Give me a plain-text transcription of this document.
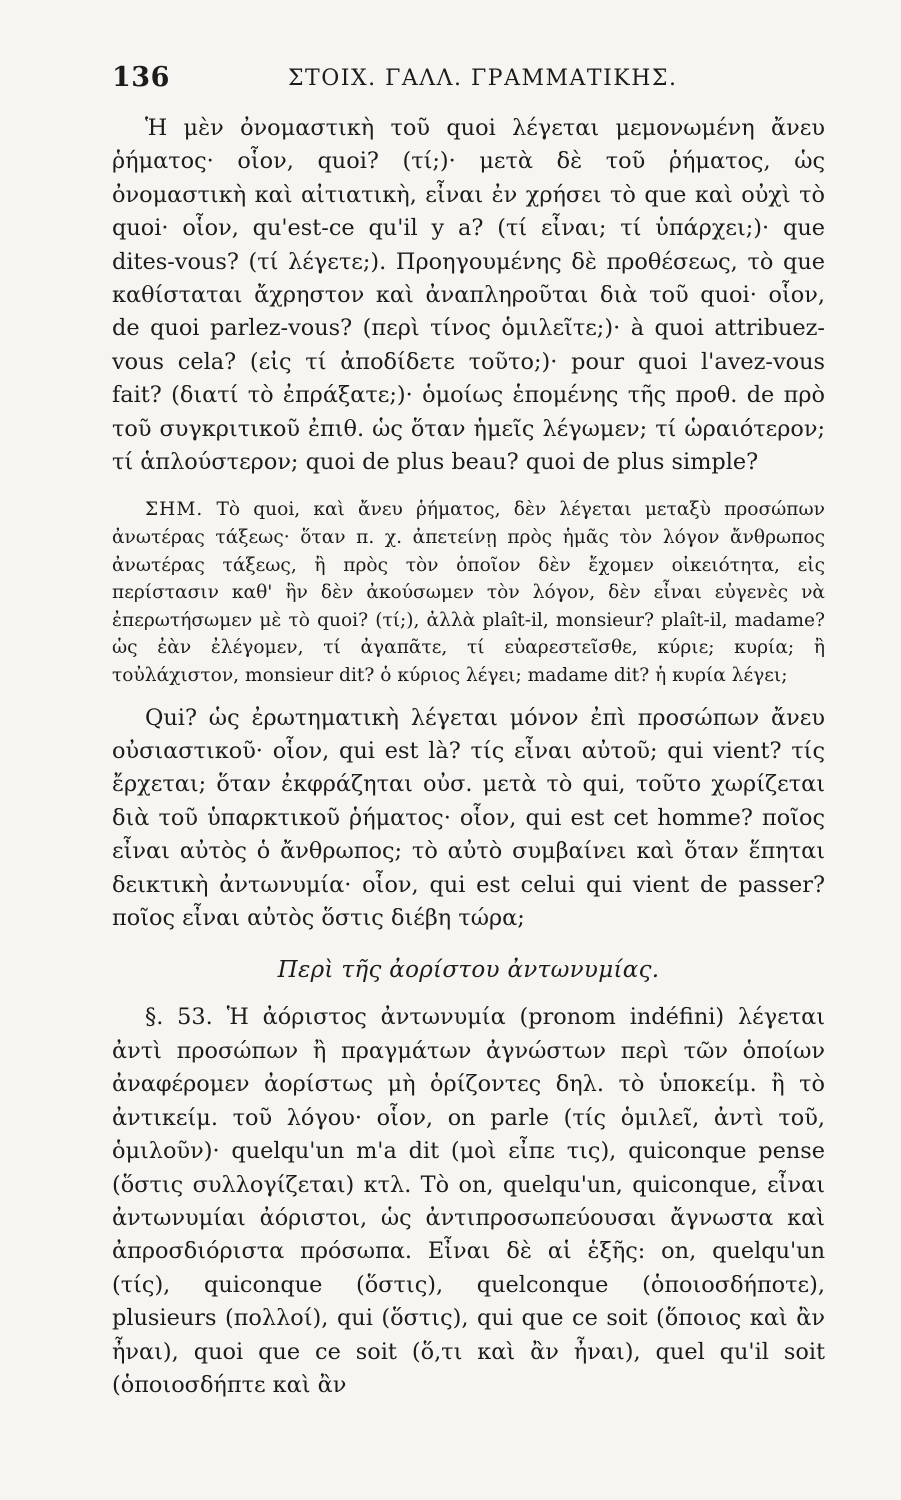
136	ΣΤΟΙΧ. ΓΑΛΛ. ΓΡΑΜΜΑΤΙΚΗΣ.

Ἡ μὲν ὀνομαστικὴ τοῦ quoi λέγεται μεμονωμένη ἄνευ ῥήματος· οἷον, quoi? (τί;)· μετὰ δὲ τοῦ ῥήματος, ὡς ὀνομαστικὴ καὶ αἰτιατικὴ, εἶναι ἐν χρήσει τὸ que καὶ οὐχὶ τὸ quoi· οἷον, qu'est-ce qu'il y a? (τί εἶναι; τί ὑπάρχει;)· que dites-vous? (τί λέγετε;). Προηγουμένης δὲ προθέσεως, τὸ que καθίσταται ἄχρηστον καὶ ἀναπληροῦται διὰ τοῦ quoi· οἷον, de quoi parlez-vous? (περὶ τίνος ὁμιλεῖτε;)· à quoi attribuez-vous cela? (εἰς τί ἀποδίδετε τοῦτο;)· pour quoi l'avez-vous fait? (διατί τὸ ἐπράξατε;)· ὁμοίως ἑπομένης τῆς προθ. de πρὸ τοῦ συγκριτικοῦ ἐπιθ. ὡς ὅταν ἡμεῖς λέγωμεν; τί ὡραιότερον; τί ἁπλούστερον; quoi de plus beau? quoi de plus simple?

ΣΗΜ. Τὸ quoi, καὶ ἄνευ ῥήματος, δὲν λέγεται μεταξὺ προσώπων ἀνωτέρας τάξεως· ὅταν π. χ. ἀπετείνῃ πρὸς ἡμᾶς τὸν λόγον ἄνθρωπος ἀνωτέρας τάξεως, ἢ πρὸς τὸν ὁποῖον δὲν ἔχομεν οἰκειότητα, εἰς περίστασιν καθ' ἣν δὲν ἀκούσωμεν τὸν λόγον, δὲν εἶναι εὐγενὲς νὰ ἐπερωτήσωμεν μὲ τὸ quoi? (τί;), ἀλλὰ plaît-il, monsieur? plaît-il, madame? ὡς ἐὰν ἐλέγομεν, τί ἀγαπᾶτε, τί εὐαρεστεῖσθε, κύριε; κυρία; ἢ τοὐλάχιστον, monsieur dit? ὁ κύριος λέγει; madame dit? ἡ κυρία λέγει;

Qui? ὡς ἐρωτηματικὴ λέγεται μόνον ἐπὶ προσώπων ἄνευ οὐσιαστικοῦ· οἷον, qui est là? τίς εἶναι αὐτοῦ; qui vient? τίς ἔρχεται; ὅταν ἐκφράζηται οὐσ. μετὰ τὸ qui, τοῦτο χωρίζεται διὰ τοῦ ὑπαρκτικοῦ ῥήματος· οἷον, qui est cet homme? ποῖος εἶναι αὐτὸς ὁ ἄνθρωπος; τὸ αὐτὸ συμβαίνει καὶ ὅταν ἕπηται δεικτικὴ ἀντωνυμία· οἷον, qui est celui qui vient de passer? ποῖος εἶναι αὐτὸς ὅστις διέβη τώρα;

Περὶ τῆς ἀορίστου ἀντωνυμίας.

§. 53. Ἡ ἀόριστος ἀντωνυμία (pronom indéfini) λέγεται ἀντὶ προσώπων ἢ πραγμάτων ἀγνώστων περὶ τῶν ὁποίων ἀναφέρομεν ἀορίστως μὴ ὁρίζοντες δηλ. τὸ ὑποκείμ. ἢ τὸ ἀντικείμ. τοῦ λόγου· οἷον, on parle (τίς ὁμιλεῖ, ἀντὶ τοῦ, ὁμιλοῦν)· quelqu'un m'a dit (μοὶ εἶπε τις), quiconque pense (ὅστις συλλογίζεται) κτλ. Τὸ on, quelqu'un, quiconque, εἶναι ἀντωνυμίαι ἀόριστοι, ὡς ἀντιπροσωπεύουσαι ἄγνωστα καὶ ἀπροσδιόριστα πρόσωπα. Εἶναι δὲ αἱ ἑξῆς: on, quelqu'un (τίς), quiconque (ὅστις), quelconque (ὁποιοσδήποτε), plusieurs (πολλοί), qui (ὅστις), qui que ce soit (ὅποιος καὶ ἂν ἦναι), quoi que ce soit (ὅ,τι καὶ ἂν ἦναι), quel qu'il soit (ὁποιοσδήπτε καὶ ἂν
